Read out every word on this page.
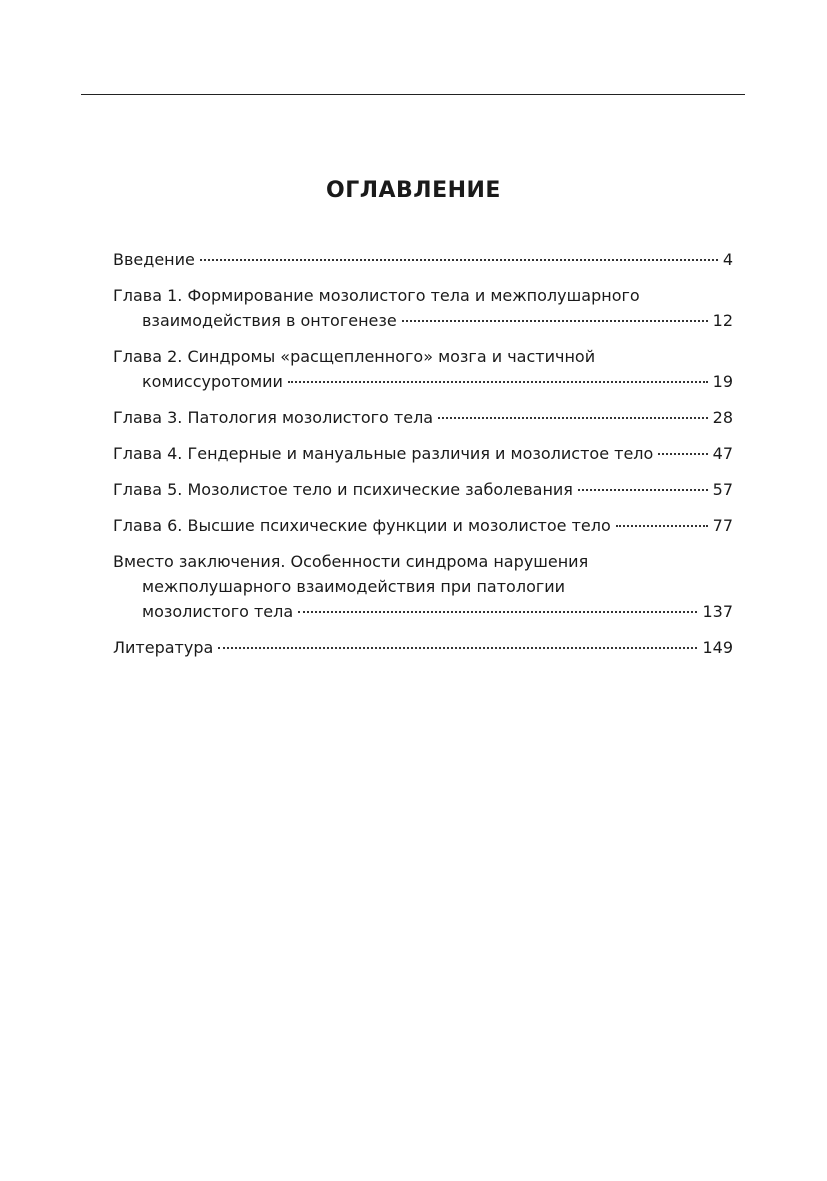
ОГЛАВЛЕНИЕ
Введение	4
Глава 1. Формирование мозолистого тела и межполушарного
взаимодействия в онтогенезе	12
Глава 2. Синдромы «расщепленного» мозга и частичной
комиссуротомии	19
Глава 3. Патология мозолистого тела	28
Глава 4. Гендерные и мануальные различия и мозолистое тело	47
Глава 5. Мозолистое тело и психические заболевания	57
Глава 6. Высшие психические функции и мозолистое тело	77
Вместо заключения. Особенности синдрома нарушения
межполушарного взаимодействия при патологии
мозолистого тела	137
Литература	149
